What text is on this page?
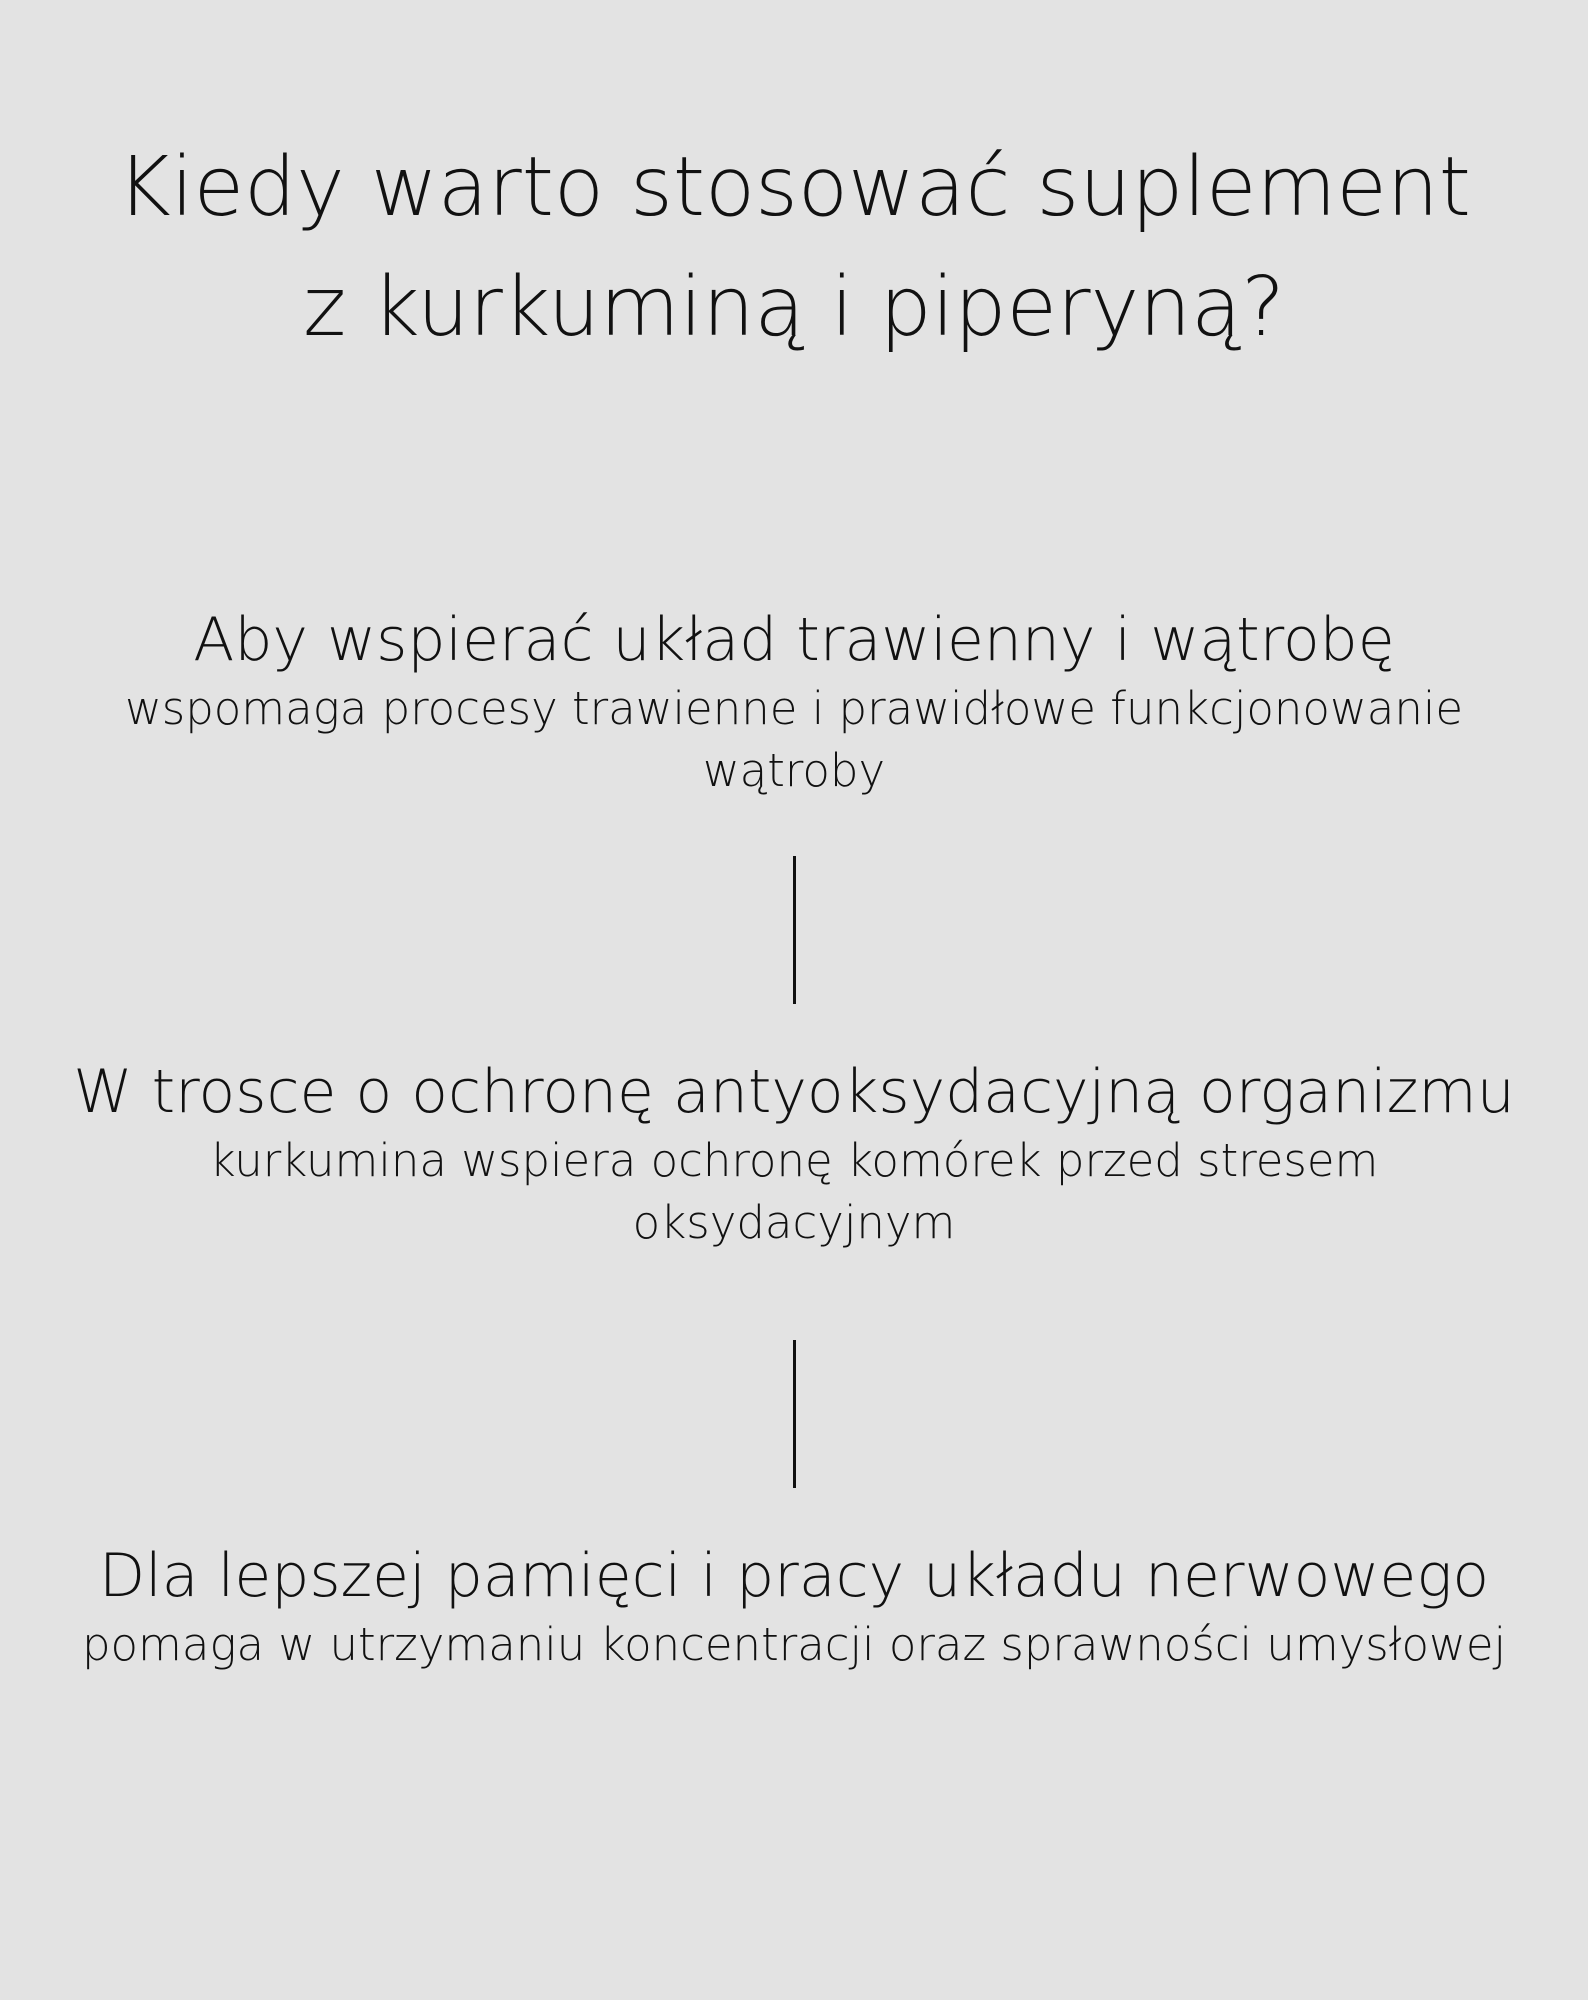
Kiedy warto stosować suplement
z kurkuminą i piperyną?
Aby wspierać układ trawienny i wątrobę

wspomaga procesy trawienne i prawidłowe funkcjonowanie wątroby

W trosce o ochronę antyoksydacyjną organizmu

kurkumina wspiera ochronę komórek przed stresem oksydacyjnym

Dla lepszej pamięci i pracy układu nerwowego

pomaga w utrzymaniu koncentracji oraz sprawności umysłowej
